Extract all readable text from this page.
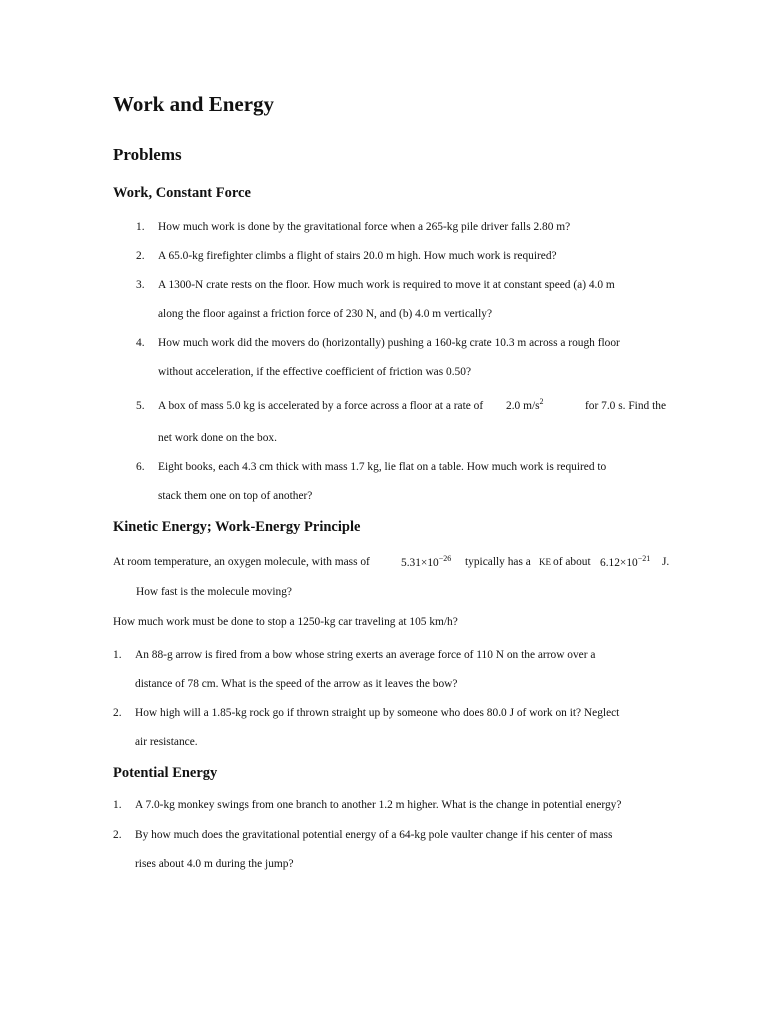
Work and Energy
Problems
Work, Constant Force
1. How much work is done by the gravitational force when a 265-kg pile driver falls 2.80 m?
2. A 65.0-kg firefighter climbs a flight of stairs 20.0 m high. How much work is required?
3. A 1300-N crate rests on the floor. How much work is required to move it at constant speed (a) 4.0 m
along the floor against a friction force of 230 N, and (b) 4.0 m vertically?
4. How much work did the movers do (horizontally) pushing a 160-kg crate 10.3 m across a rough floor
without acceleration, if the effective coefficient of friction was 0.50?
5. A box of mass 5.0 kg is accelerated by a force across a floor at a rate of 2.0 $m/s^2$	for 7.0 s. Find the
net work done on the box.
6. Eight books, each 4.3 cm thick with mass 1.7 kg, lie flat on a table. How much work is required to
stack them one on top of another?
Kinetic Energy; Work-Energy Principle
At room temperature, an oxygen molecule, with mass of	$5.31\times 10^{-26}$ typically has a KE of about $6.12\times 10^{-21}$ J.
How fast is the molecule moving?
How much work must be done to stop a 1250-kg car traveling at 105 km/h?
1. An 88-g arrow is fired from a bow whose string exerts an average force of 110 N on the arrow over a
distance of 78 cm. What is the speed of the arrow as it leaves the bow?
2. How high will a 1.85-kg rock go if thrown straight up by someone who does 80.0 J of work on it? Neglect
air resistance.
Potential Energy
1. A 7.0-kg monkey swings from one branch to another 1.2 m higher. What is the change in potential energy?
2. By how much does the gravitational potential energy of a 64-kg pole vaulter change if his center of mass
rises about 4.0 m during the jump?
